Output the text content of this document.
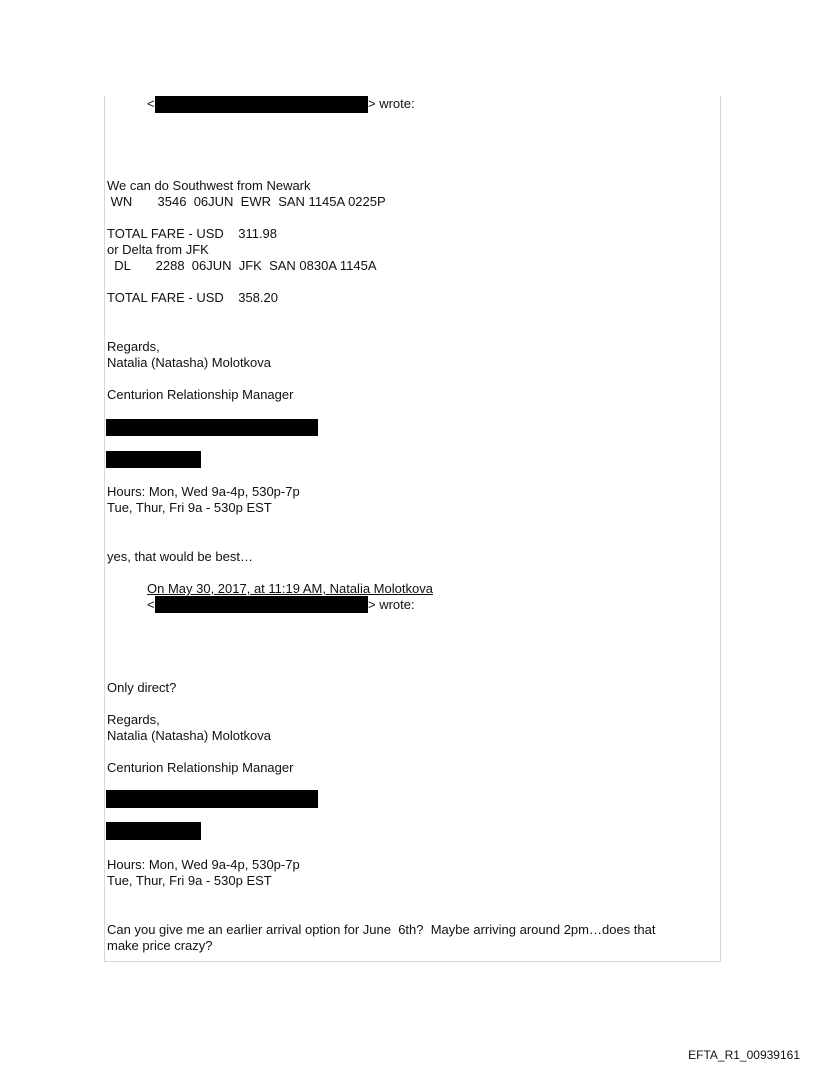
<	> wrote:
We can do Southwest from Newark
WN       3546  06JUN  EWR  SAN 1145A 0225P
TOTAL FARE - USD    311.98
or Delta from JFK
DL       2288  06JUN  JFK  SAN 0830A 1145A
TOTAL FARE - USD    358.20
Regards,
Natalia (Natasha) Molotkova
Centurion Relationship Manager
Hours: Mon, Wed 9a-4p, 530p-7p
Tue, Thur, Fri 9a - 530p EST
yes, that would be best…
On May 30, 2017, at 11:19 AM, Natalia Molotkova
<	> wrote:
Only direct?
Regards,
Natalia (Natasha) Molotkova
Centurion Relationship Manager
Hours: Mon, Wed 9a-4p, 530p-7p
Tue, Thur, Fri 9a - 530p EST
Can you give me an earlier arrival option for June  6th?  Maybe arriving around 2pm…does that
make price crazy?
EFTA_R1_00939161
